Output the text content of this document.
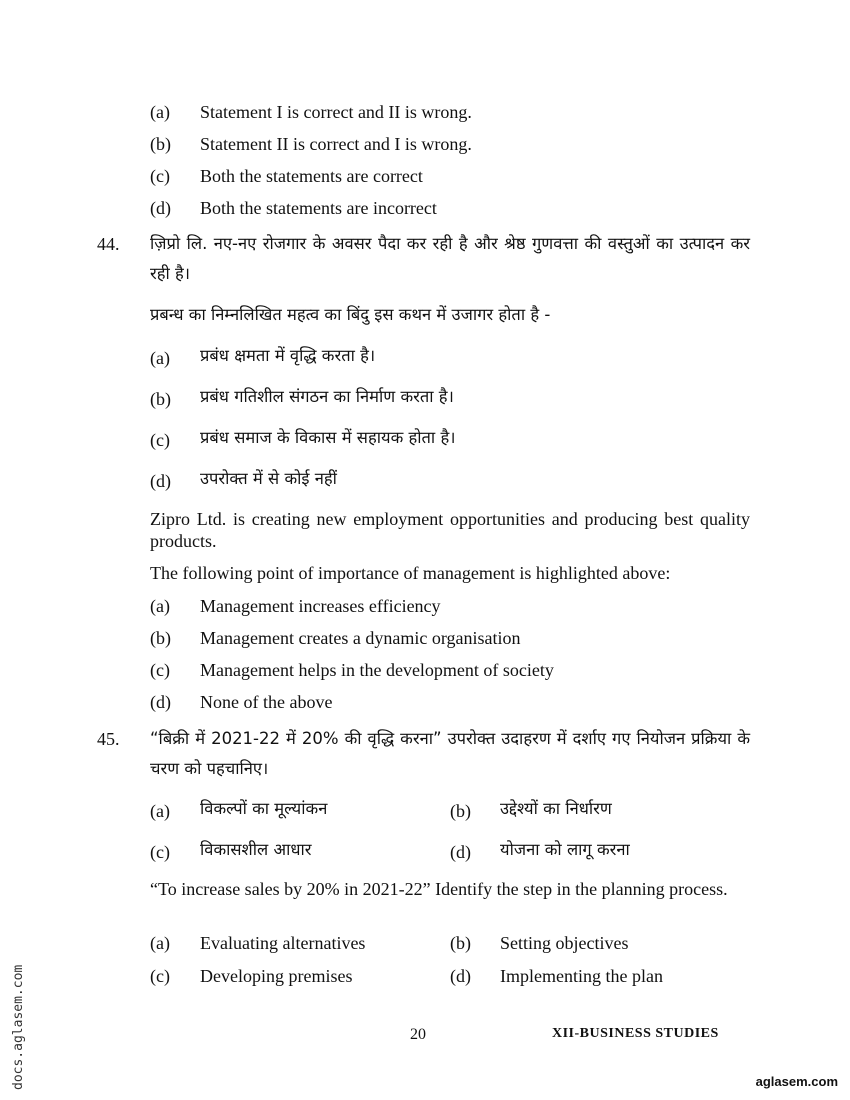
(a) Statement I is correct and II is wrong.
(b) Statement II is correct and I is wrong.
(c) Both the statements are correct
(d) Both the statements are incorrect
44. ज़िप्रो लि. नए-नए रोजगार के अवसर पैदा कर रही है और श्रेष्ठ गुणवत्ता की वस्तुओं का उत्पादन कर रही है।
प्रबन्ध का निम्नलिखित महत्व का बिंदु इस कथन में उजागर होता है -
(a) प्रबंध क्षमता में वृद्धि करता है।
(b) प्रबंध गतिशील संगठन का निर्माण करता है।
(c) प्रबंध समाज के विकास में सहायक होता है।
(d) उपरोक्त में से कोई नहीं
Zipro Ltd. is creating new employment opportunities and producing best quality products.
The following point of importance of management is highlighted above:
(a) Management increases efficiency
(b) Management creates a dynamic organisation
(c) Management helps in the development of society
(d) None of the above
45. “बिक्री में 2021-22 में 20% की वृद्धि करना” उपरोक्त उदाहरण में दर्शाए गए नियोजन प्रक्रिया के चरण को पहचानिए।
(a) विकल्पों का मूल्यांकन	(b) उद्देश्यों का निर्धारण
(c) विकासशील आधार	(d) योजना को लागू करना
“To increase sales by 20% in 2021-22” Identify the step in the planning process.
(a) Evaluating alternatives	(b) Setting objectives
(c) Developing premises	(d) Implementing the plan
20	XII-BUSINESS STUDIES
docs.aglasem.com	aglasem.com
